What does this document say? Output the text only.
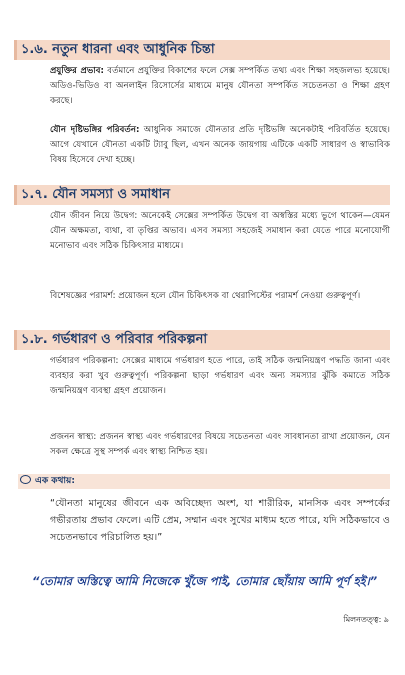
১.৬. নতুন ধারনা এবং আধুনিক চিন্তা
প্রযুক্তির প্রভাব: বর্তমানে প্রযুক্তির বিকাশের ফলে সেক্স সম্পর্কিত তথ্য এবং শিক্ষা সহজলভ্য হয়েছে। অডিও-ভিডিও বা অনলাইন রিসোর্সের মাধ্যমে মানুষ যৌনতা সম্পর্কিত সচেতনতা ও শিক্ষা গ্রহণ করছে।
যৌন দৃষ্টিভঙ্গির পরিবর্তন: আধুনিক সমাজে যৌনতার প্রতি দৃষ্টিভঙ্গি অনেকটাই পরিবর্তিত হয়েছে। আগে যেখানে যৌনতা একটি ট্যাবু ছিল, এখন অনেক জায়গায় এটিকে একটি সাধারণ ও স্বাভাবিক বিষয় হিসেবে দেখা হচ্ছে।
১.৭. যৌন সমস্যা ও সমাধান
যৌন জীবন নিয়ে উদ্বেগ: অনেকেই সেক্সের সম্পর্কিত উদ্বেগ বা অস্বস্তির মধ্যে ভুগে থাকেন—যেমন যৌন অক্ষমতা, ব্যথা, বা তৃপ্তির অভাব। এসব সমস্যা সহজেই সমাধান করা যেতে পারে মনোযোগী মনোভাব এবং সঠিক চিকিৎসার মাধ্যমে।
বিশেষজ্ঞের পরামর্শ: প্রয়োজন হলে যৌন চিকিৎসক বা থেরাপিস্টের পরামর্শ নেওয়া গুরুত্বপূর্ণ।
১.৮. গর্ভধারণ ও পরিবার পরিকল্পনা
গর্ভধারণ পরিকল্পনা: সেক্সের মাধ্যমে গর্ভধারণ হতে পারে, তাই সঠিক জন্মনিয়ন্ত্রণ পদ্ধতি জানা এবং ব্যবহার করা খুব গুরুত্বপূর্ণ। পরিকল্পনা ছাড়া গর্ভধারণ এবং অন্য সমস্যার ঝুঁকি কমাতে সঠিক জন্মনিয়ন্ত্রণ ব্যবস্থা গ্রহণ প্রয়োজন।
প্রজনন স্বাস্থ্য: প্রজনন স্বাস্থ্য এবং গর্ভধারণের বিষয়ে সচেতনতা এবং সাবধানতা রাখা প্রয়োজন, যেন সকল ক্ষেত্রে সুস্থ সম্পর্ক এবং স্বাস্থ্য নিশ্চিত হয়।
এক কথায়:
“যৌনতা মানুষের জীবনে এক অবিচ্ছেদ্য অংশ, যা শারীরিক, মানসিক এবং সম্পর্কের গভীরতায় প্রভাব ফেলে। এটি প্রেম, সম্মান এবং সুখের মাধ্যম হতে পারে, যদি সঠিকভাবে ও সচেতনভাবে পরিচালিত হয়।”
“তোমার অস্তিত্বে আমি নিজেকে খুঁজে পাই, তোমার ছোঁয়ায় আমি পূর্ণ হই।”
মিলনতত্ত্ব: ৯
